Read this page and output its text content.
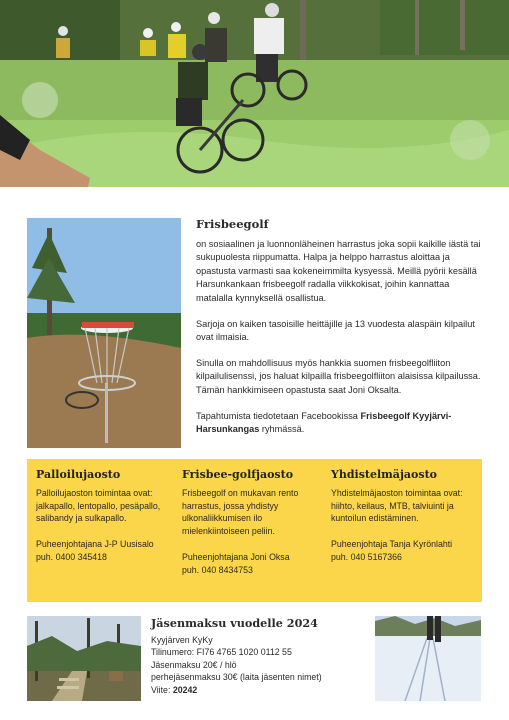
Frisbeegolf

on sosiaalinen ja luonnonläheinen harrastus joka sopii kaikille iästä tai sukupuolesta riippumatta. Halpa ja helppo harrastus aloittaa ja opastusta varmasti saa kokeneimmilta kysyessä. Meillä pyörii kesällä Harsunkankaan frisbeegolf radalla viikkokisat, joihin kannattaa matalalla kynnyksellä osallistua.

Sarjoja on kaiken tasoisille heittäjille ja 13 vuodesta alaspäin kilpailut ovat ilmaisia.

Sinulla on mahdollisuus myös hankkia suomen frisbeegolfliiton kilpailulisenssi, jos haluat kilpailla frisbeegolfliiton alaisissa kilpailussa. Tämän hankkimiseen opastusta saat Joni Oksalta.

Tapahtumista tiedotetaan Facebookissa Frisbeegolf Kyyjärvi-Harsunkangas ryhmässä.

Palloilujaosto

Palloilujaoston toimintaa ovat: jalkapallo, lentopallo, pesäpallo, salibandy ja sulkapallo.

Puheenjohtajana J-P Uusisalo

puh. 0400 345418

Frisbee-golfjaosto

Frisbeegolf on mukavan rento harrastus, jossa yhdistyy ulkonaliikkumisen ilo mielenkiintoiseen peliin.

Puheenjohtajana Joni Oksa

puh. 040 8434753

Yhdistelmäjaosto

Yhdistelmäjaoston toimintaa ovat: hiihto, keilaus, MTB, talviuinti ja kuntoilun edistäminen.

Puheenjohtaja Tanja Kyrönlahti

puh. 040 5167366

Jäsenmaksu vuodelle 2024
Kyyjärven KyKy
Tilinumero: FI76 4765 1020 0112 55
Jäsenmaksu 20€ / hlö
perhejäsenmaksu 30€ (laita jäsenten nimet)
Viite: 20242
